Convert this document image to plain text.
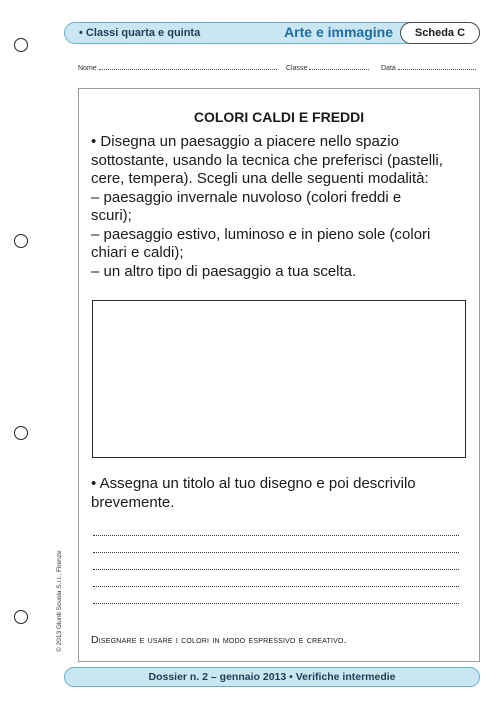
• Classi quarta e quinta	Arte e immagine	Scheda C
Nome	Classe	Data
COLORI CALDI E FREDDI
• Disegna un paesaggio a piacere nello spazio
sottostante, usando la tecnica che preferisci (pastelli,
cere, tempera). Scegli una delle seguenti modalità:
– paesaggio invernale nuvoloso (colori freddi e
scuri);
– paesaggio estivo, luminoso e in pieno sole (colori
chiari e caldi);
– un altro tipo di paesaggio a tua scelta.
• Assegna un titolo al tuo disegno e poi descrivilo
brevemente.
Disegnare e usare i colori in modo espressivo e creativo.
© 2013 Giunti Scuola S.r.l., Firenze
Dossier n. 2 – gennaio 2013 • Verifiche intermedie
